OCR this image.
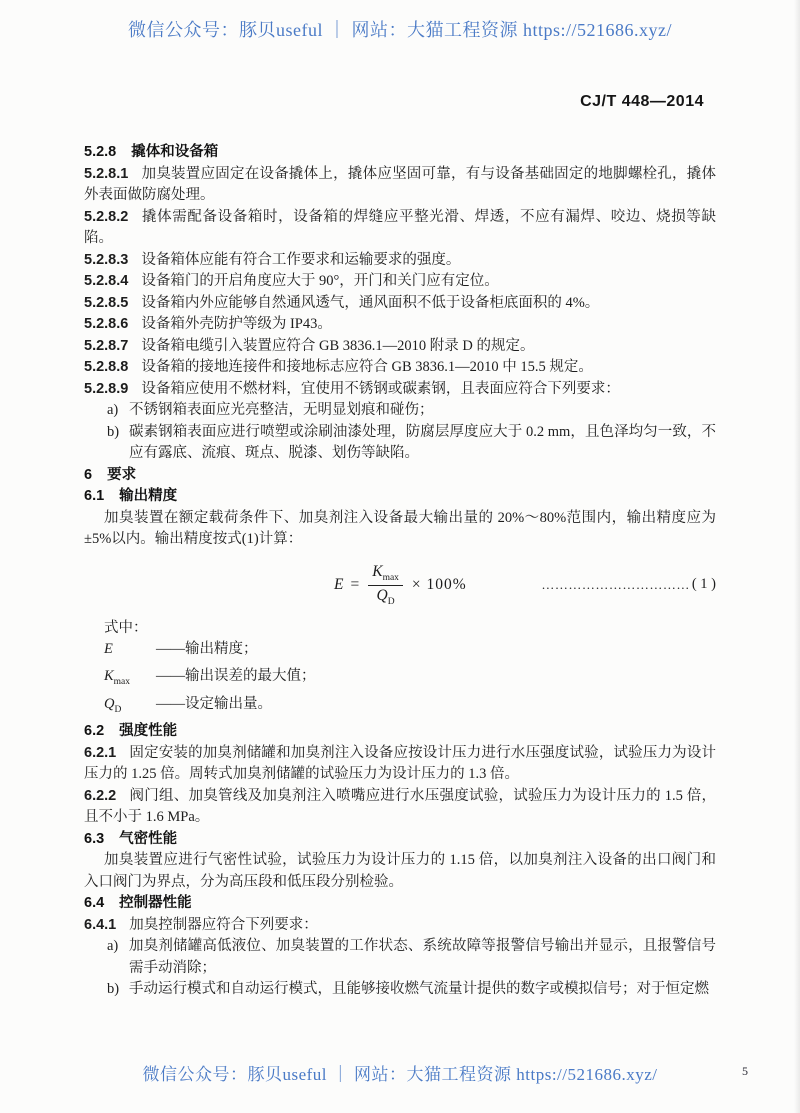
微信公众号：豚贝useful ｜ 网站：大猫工程资源 https://521686.xyz/
CJ/T 448—2014

5.2.8 撬体和设备箱

5.2.8.1 加臭装置应固定在设备撬体上，撬体应坚固可靠，有与设备基础固定的地脚螺栓孔，撬体外表面做防腐处理。

5.2.8.2 撬体需配备设备箱时，设备箱的焊缝应平整光滑、焊透，不应有漏焊、咬边、烧损等缺陷。

5.2.8.3 设备箱体应能有符合工作要求和运输要求的强度。

5.2.8.4 设备箱门的开启角度应大于 90°，开门和关门应有定位。

5.2.8.5 设备箱内外应能够自然通风透气，通风面积不低于设备柜底面积的 4%。

5.2.8.6 设备箱外壳防护等级为 IP43。

5.2.8.7 设备箱电缆引入装置应符合 GB 3836.1—2010 附录 D 的规定。

5.2.8.8 设备箱的接地连接件和接地标志应符合 GB 3836.1—2010 中 15.5 规定。

5.2.8.9 设备箱应使用不燃材料，宜使用不锈钢或碳素钢，且表面应符合下列要求：

a) 不锈钢箱表面应光亮整洁，无明显划痕和碰伤；
b) 碳素钢箱表面应进行喷塑或涂刷油漆处理，防腐层厚度应大于 0.2 mm，且色泽均匀一致，不应有露底、流痕、斑点、脱漆、划伤等缺陷。

6 要求

6.1 输出精度

加臭装置在额定载荷条件下、加臭剂注入设备最大输出量的 20%～80%范围内，输出精度应为±5%以内。输出精度按式(1)计算：

$E = \frac{K_{max}}{Q_D} \times 100\%$	…………………………… ( 1 )

式中：

E	——输出精度；
$K_{max}$	——输出误差的最大值；
$Q_D$	——设定输出量。

6.2 强度性能

6.2.1 固定安装的加臭剂储罐和加臭剂注入设备应按设计压力进行水压强度试验，试验压力为设计压力的 1.25 倍。周转式加臭剂储罐的试验压力为设计压力的 1.3 倍。

6.2.2 阀门组、加臭管线及加臭剂注入喷嘴应进行水压强度试验，试验压力为设计压力的 1.5 倍，且不小于 1.6 MPa。

6.3 气密性能

加臭装置应进行气密性试验，试验压力为设计压力的 1.15 倍，以加臭剂注入设备的出口阀门和入口阀门为界点，分为高压段和低压段分别检验。

6.4 控制器性能

6.4.1 加臭控制器应符合下列要求：

a) 加臭剂储罐高低液位、加臭装置的工作状态、系统故障等报警信号输出并显示，且报警信号需手动消除；
b) 手动运行模式和自动运行模式，且能够接收燃气流量计提供的数字或模拟信号；对于恒定燃
微信公众号：豚贝useful ｜ 网站：大猫工程资源 https://521686.xyz/	5
